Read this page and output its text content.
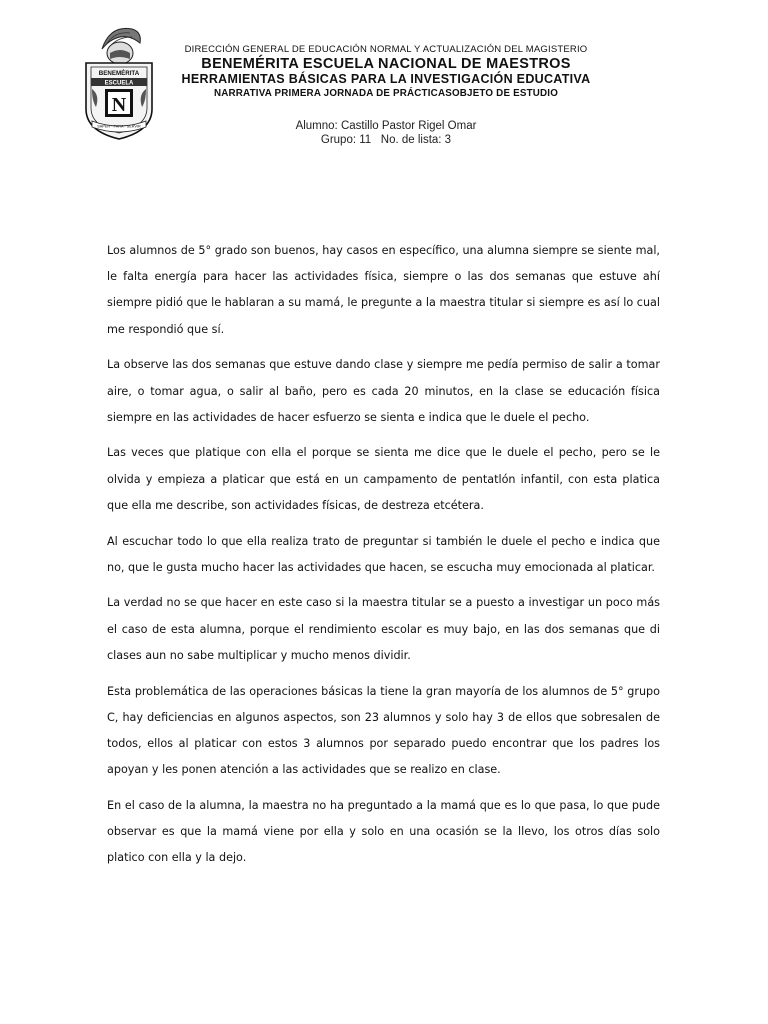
BENEMÉRITA
ESCUELA
N
SAPER · PARA · SERVIR
DIRECCIÓN GENERAL DE EDUCACIÓN NORMAL Y ACTUALIZACIÓN DEL MAGISTERIO
BENEMÉRITA ESCUELA NACIONAL DE MAESTROS
HERRAMIENTAS BÁSICAS PARA LA INVESTIGACIÓN EDUCATIVA
NARRATIVA PRIMERA JORNADA DE PRÁCTICASOBJETO DE ESTUDIO
Alumno: Castillo Pastor Rigel Omar
Grupo: 11   No. de lista: 3

Los alumnos de 5° grado son buenos, hay casos en específico, una alumna siempre se siente mal, le falta energía para hacer las actividades física, siempre o las dos semanas que estuve ahí siempre pidió que le hablaran a su mamá, le pregunte a la maestra titular si siempre es así lo cual me respondió que sí.

La observe las dos semanas que estuve dando clase y siempre me pedía permiso de salir a tomar aire, o tomar agua, o salir al baño, pero es cada 20 minutos, en la clase se educación física siempre en las actividades de hacer esfuerzo se sienta e indica que le duele el pecho.

Las veces que platique con ella el porque se sienta me dice que le duele el pecho, pero se le olvida y empieza a platicar que está en un campamento de pentatlón infantil, con esta platica que ella me describe, son actividades físicas, de destreza etcétera.

Al escuchar todo lo que ella realiza trato de preguntar si también le duele el pecho e indica que no, que le gusta mucho hacer las actividades que hacen, se escucha muy emocionada al platicar.

La verdad no se que hacer en este caso si la maestra titular se a puesto a investigar un poco más el caso de esta alumna, porque el rendimiento escolar es muy bajo, en las dos semanas que di clases aun no sabe multiplicar y mucho menos dividir.

Esta problemática de las operaciones básicas la tiene la gran mayoría de los alumnos de 5° grupo C, hay deficiencias en algunos aspectos, son 23 alumnos y solo hay 3 de ellos que sobresalen de todos, ellos al platicar con estos 3 alumnos por separado puedo encontrar que los padres los apoyan y les ponen atención a las actividades que se realizo en clase.

En el caso de la alumna, la maestra no ha preguntado a la mamá que es lo que pasa, lo que pude observar es que la mamá viene por ella y solo en una ocasión se la llevo, los otros días solo platico con ella y la dejo.
